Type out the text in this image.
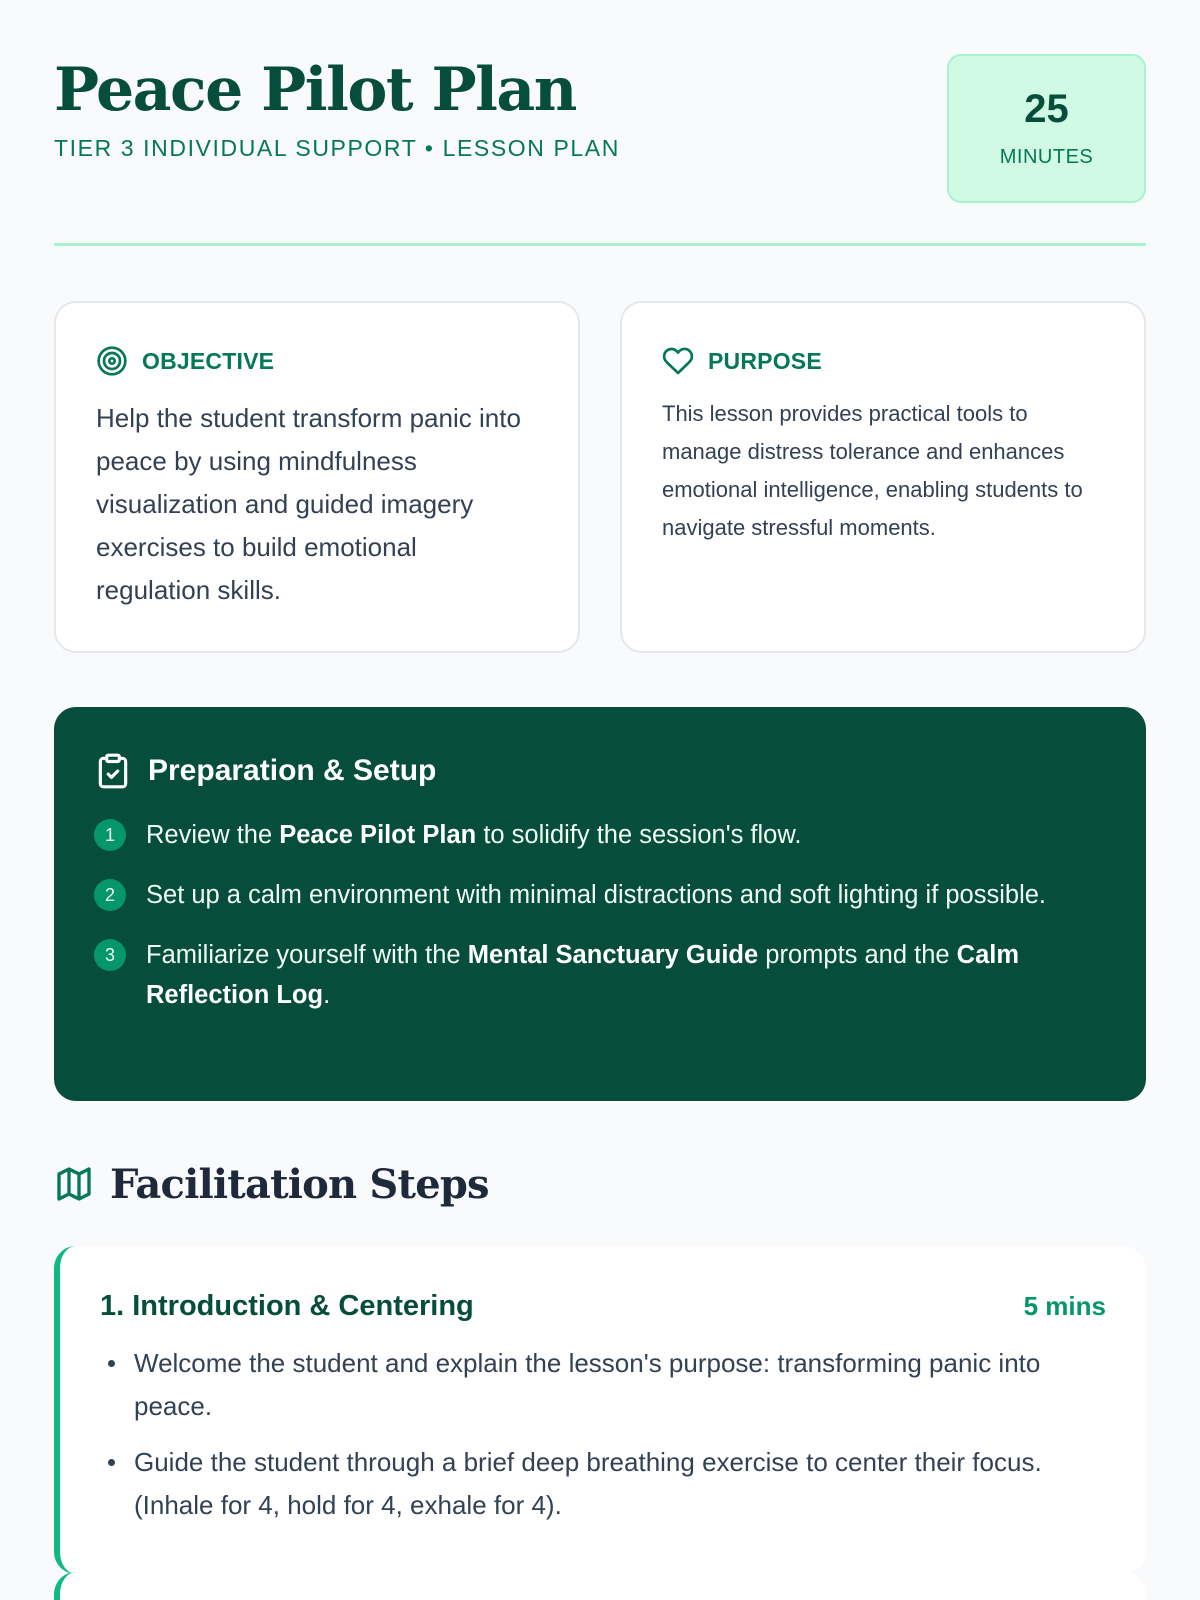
Peace Pilot Plan
TIER 3 INDIVIDUAL SUPPORT • LESSON PLAN
25
MINUTES
OBJECTIVE

Help the student transform panic into peace by using mindfulness visualization and guided imagery exercises to build emotional regulation skills.

PURPOSE

This lesson provides practical tools to manage distress tolerance and enhances emotional intelligence, enabling students to navigate stressful moments.

Preparation & Setup
1	Review the Peace Pilot Plan to solidify the session's flow.
2	Set up a calm environment with minimal distractions and soft lighting if possible.
3	Familiarize yourself with the Mental Sanctuary Guide prompts and the Calm Reflection Log.
Facilitation Steps
1. Introduction & Centering	5 mins
Welcome the student and explain the lesson's purpose: transforming panic into peace.
Guide the student through a brief deep breathing exercise to center their focus. (Inhale for 4, hold for 4, exhale for 4).
